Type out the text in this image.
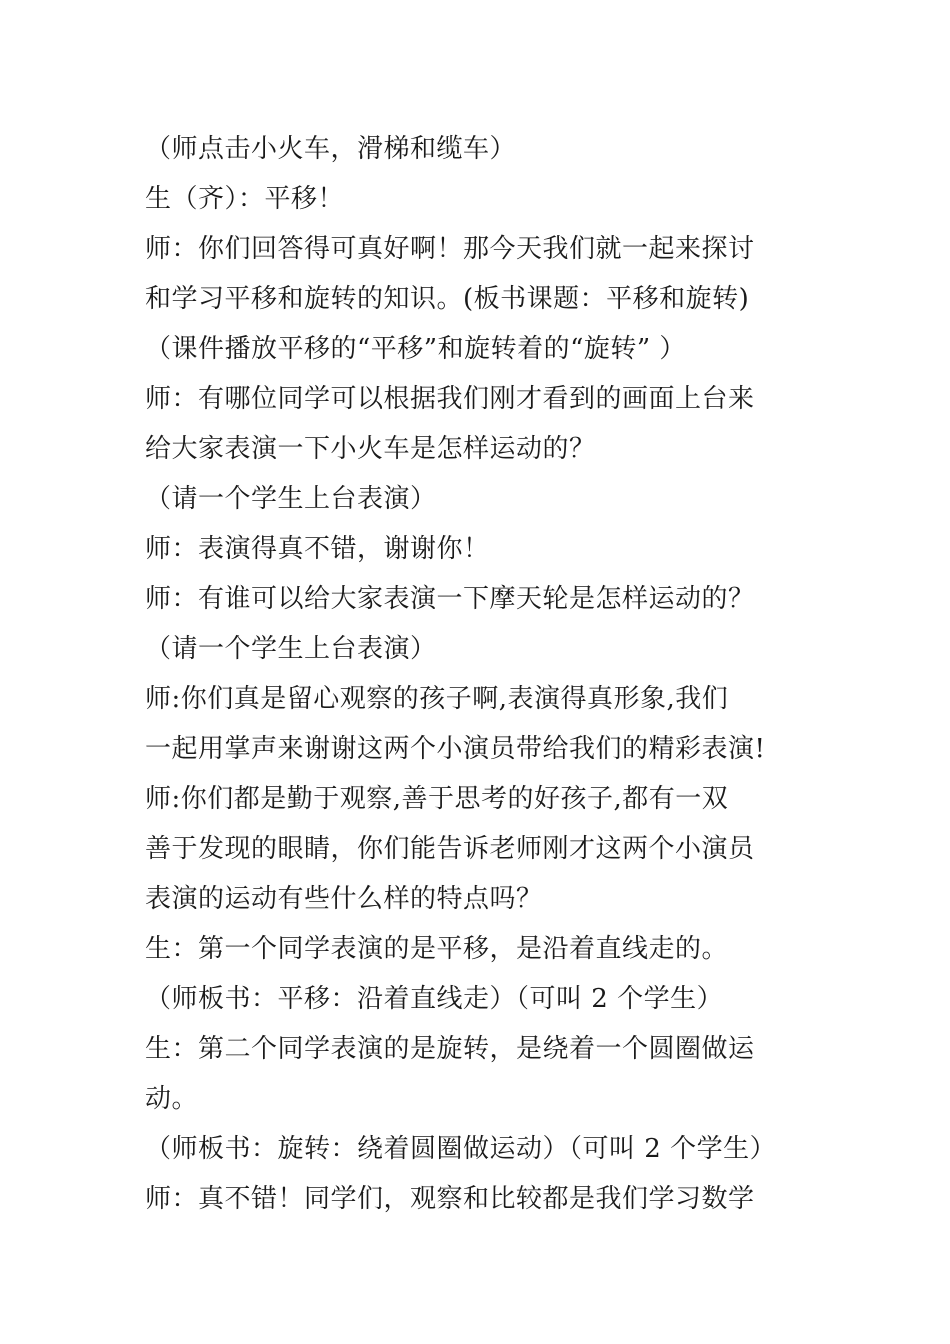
（师点击小火车，滑梯和缆车）
生（齐）：平移！
师：你们回答得可真好啊！那今天我们就一起来探讨
和学习平移和旋转的知识。(板书课题：平移和旋转)
（课件播放平移的“平移”和旋转着的“旋转” ）
师：有哪位同学可以根据我们刚才看到的画面上台来
给大家表演一下小火车是怎样运动的？
（请一个学生上台表演）
师：表演得真不错，谢谢你！
师：有谁可以给大家表演一下摩天轮是怎样运动的？
（请一个学生上台表演）
师:你们真是留心观察的孩子啊,表演得真形象,我们
一起用掌声来谢谢这两个小演员带给我们的精彩表演!
师:你们都是勤于观察,善于思考的好孩子,都有一双
善于发现的眼睛，你们能告诉老师刚才这两个小演员
表演的运动有些什么样的特点吗？
生：第一个同学表演的是平移，是沿着直线走的。
（师板书：平移：沿着直线走）（可叫 2 个学生）
生：第二个同学表演的是旋转，是绕着一个圆圈做运
动。
（师板书：旋转：绕着圆圈做运动）（可叫 2 个学生）
师：真不错！同学们，观察和比较都是我们学习数学
